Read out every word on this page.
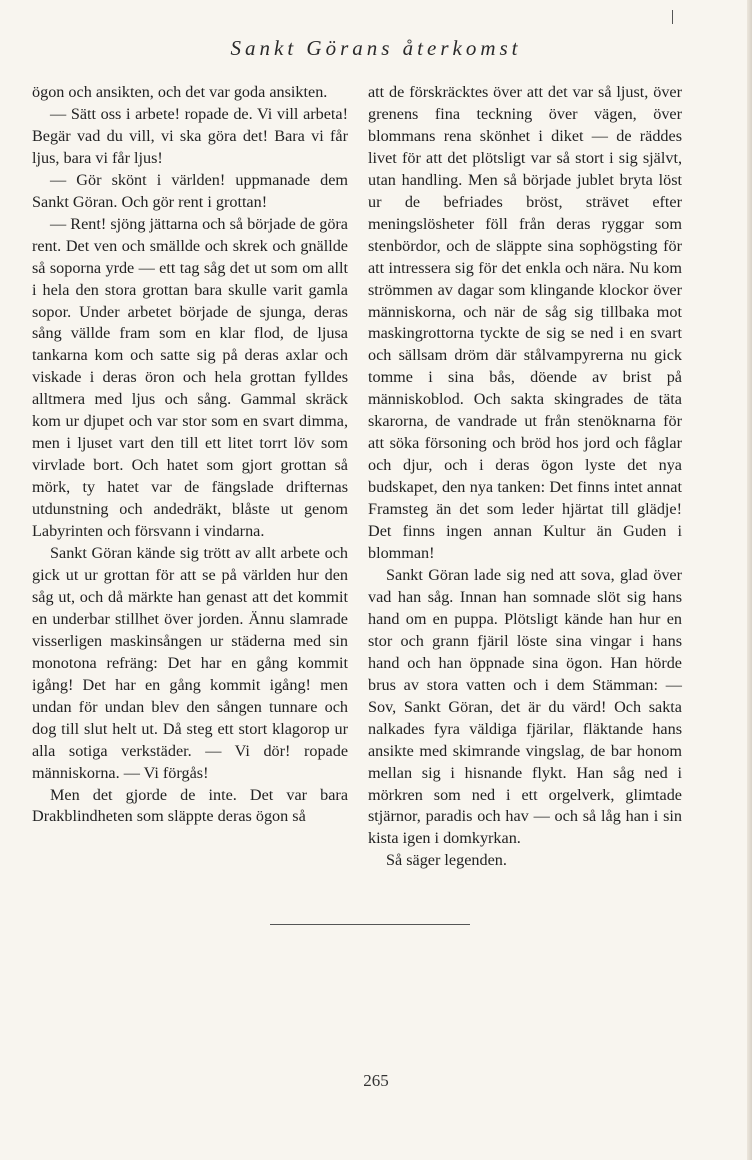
Sankt Görans återkomst

ögon och ansikten, och det var goda ansikten.

— Sätt oss i arbete! ropade de. Vi vill arbeta! Begär vad du vill, vi ska göra det! Bara vi får ljus, bara vi får ljus!

— Gör skönt i världen! uppmanade dem Sankt Göran. Och gör rent i grottan!

— Rent! sjöng jättarna och så började de göra rent. Det ven och smällde och skrek och gnällde så soporna yrde — ett tag såg det ut som om allt i hela den stora grottan bara skulle varit gamla sopor. Under arbetet började de sjunga, deras sång vällde fram som en klar flod, de ljusa tankarna kom och satte sig på deras axlar och viskade i deras öron och hela grottan fylldes alltmera med ljus och sång. Gammal skräck kom ur djupet och var stor som en svart dimma, men i ljuset vart den till ett litet torrt löv som virvlade bort. Och hatet som gjort grottan så mörk, ty hatet var de fängslade drifternas utdunstning och andedräkt, blåste ut genom Labyrinten och försvann i vindarna.

Sankt Göran kände sig trött av allt arbete och gick ut ur grottan för att se på världen hur den såg ut, och då märkte han genast att det kommit en underbar stillhet över jorden. Ännu slamrade visserligen maskinsången ur städerna med sin monotona refräng: Det har en gång kommit igång! Det har en gång kommit igång! men undan för undan blev den sången tunnare och dog till slut helt ut. Då steg ett stort klagorop ur alla sotiga verkstäder. — Vi dör! ropade människorna. — Vi förgås!

Men det gjorde de inte. Det var bara Drakblindheten som släppte deras ögon så

att de förskräcktes över att det var så ljust, över grenens fina teckning över vägen, över blommans rena skönhet i diket — de räddes livet för att det plötsligt var så stort i sig självt, utan handling. Men så började jublet bryta löst ur de befriades bröst, strävet efter meningslösheter föll från deras ryggar som stenbördor, och de släppte sina sophögsting för att intressera sig för det enkla och nära. Nu kom strömmen av dagar som klingande klockor över människorna, och när de såg sig tillbaka mot maskingrottorna tyckte de sig se ned i en svart och sällsam dröm där stålvampyrerna nu gick tomme i sina bås, döende av brist på människoblod. Och sakta skingrades de täta skarorna, de vandrade ut från stenöknarna för att söka försoning och bröd hos jord och fåglar och djur, och i deras ögon lyste det nya budskapet, den nya tanken: Det finns intet annat Framsteg än det som leder hjärtat till glädje! Det finns ingen annan Kultur än Guden i blomman!

Sankt Göran lade sig ned att sova, glad över vad han såg. Innan han somnade slöt sig hans hand om en puppa. Plötsligt kände han hur en stor och grann fjäril löste sina vingar i hans hand och han öppnade sina ögon. Han hörde brus av stora vatten och i dem Stämman: — Sov, Sankt Göran, det är du värd! Och sakta nalkades fyra väldiga fjärilar, fläktande hans ansikte med skimrande vingslag, de bar honom mellan sig i hisnande flykt. Han såg ned i mörkren som ned i ett orgelverk, glimtade stjärnor, paradis och hav — och så låg han i sin kista igen i domkyrkan.

Så säger legenden.

265
